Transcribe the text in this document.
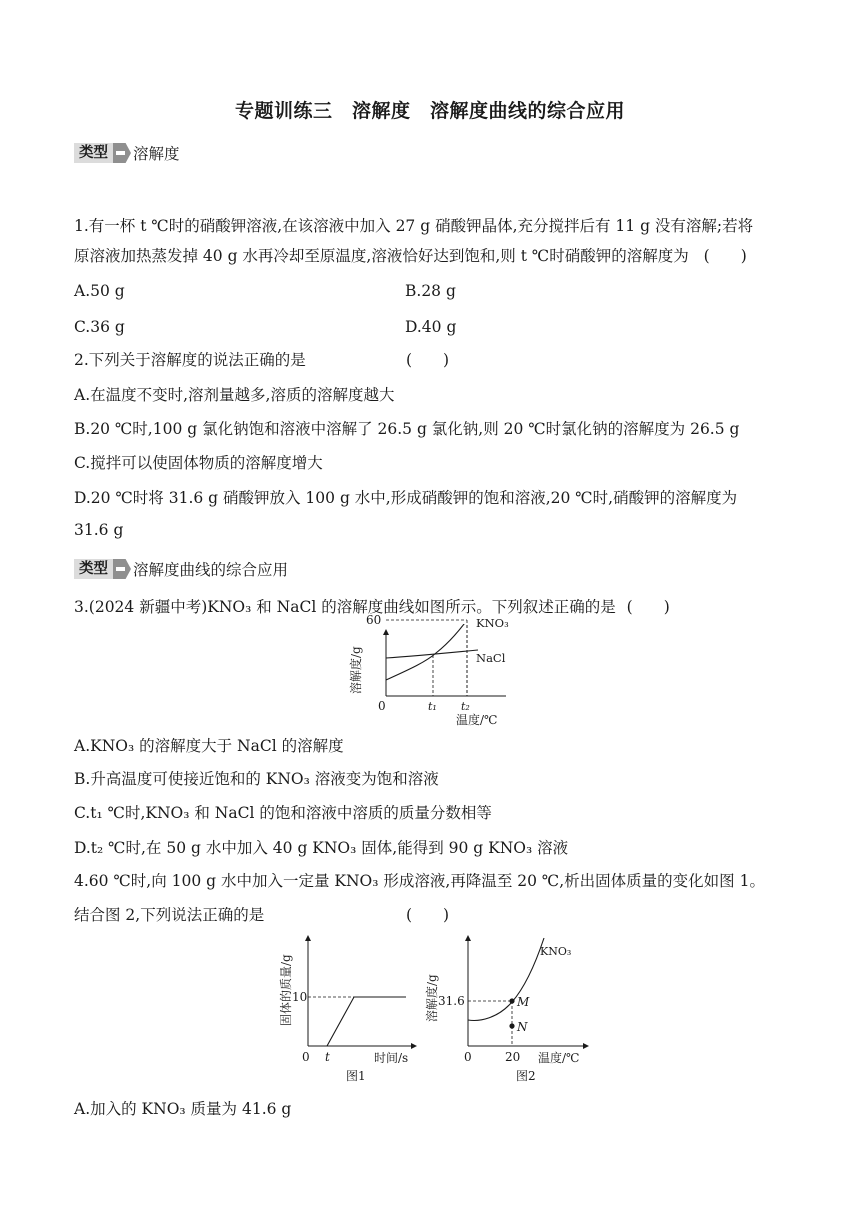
专题训练三　溶解度　溶解度曲线的综合应用
类型	溶解度
1.有一杯 t ℃时的硝酸钾溶液,在该溶液中加入 27 g 硝酸钾晶体,充分搅拌后有 11 g 没有溶解;若将
原溶液加热蒸发掉 40 g 水再冷却至原温度,溶液恰好达到饱和,则 t ℃时硝酸钾的溶解度为 (　　)
A.50 g	B.28 g
C.36 g	D.40 g
2.下列关于溶解度的说法正确的是	(　　)
A.在温度不变时,溶剂量越多,溶质的溶解度越大
B.20 ℃时,100 g 氯化钠饱和溶液中溶解了 26.5 g 氯化钠,则 20 ℃时氯化钠的溶解度为 26.5 g
C.搅拌可以使固体物质的溶解度增大
D.20 ℃时将 31.6 g 硝酸钾放入 100 g 水中,形成硝酸钾的饱和溶液,20 ℃时,硝酸钾的溶解度为
31.6 g
类型	溶解度曲线的综合应用
3.(2024 新疆中考)KNO₃ 和 NaCl 的溶解度曲线如图所示。下列叙述正确的是 (　　)
60	KNO₃
NaCl
0	t₁ t₂
温度/℃
溶解度/g
A.KNO₃ 的溶解度大于 NaCl 的溶解度
B.升高温度可使接近饱和的 KNO₃ 溶液变为饱和溶液
C.t₁ ℃时,KNO₃ 和 NaCl 的饱和溶液中溶质的质量分数相等
D.t₂ ℃时,在 50 g 水中加入 40 g KNO₃ 固体,能得到 90 g KNO₃ 溶液
4.60 ℃时,向 100 g 水中加入一定量 KNO₃ 形成溶液,再降温至 20 ℃,析出固体质量的变化如图 1。
结合图 2,下列说法正确的是	(　　)
10
0 t	时间/s
图1
固体的质量/g	M
N
KNO₃
31.6
0	20 温度/℃
图2
溶解度/g
A.加入的 KNO₃ 质量为 41.6 g
